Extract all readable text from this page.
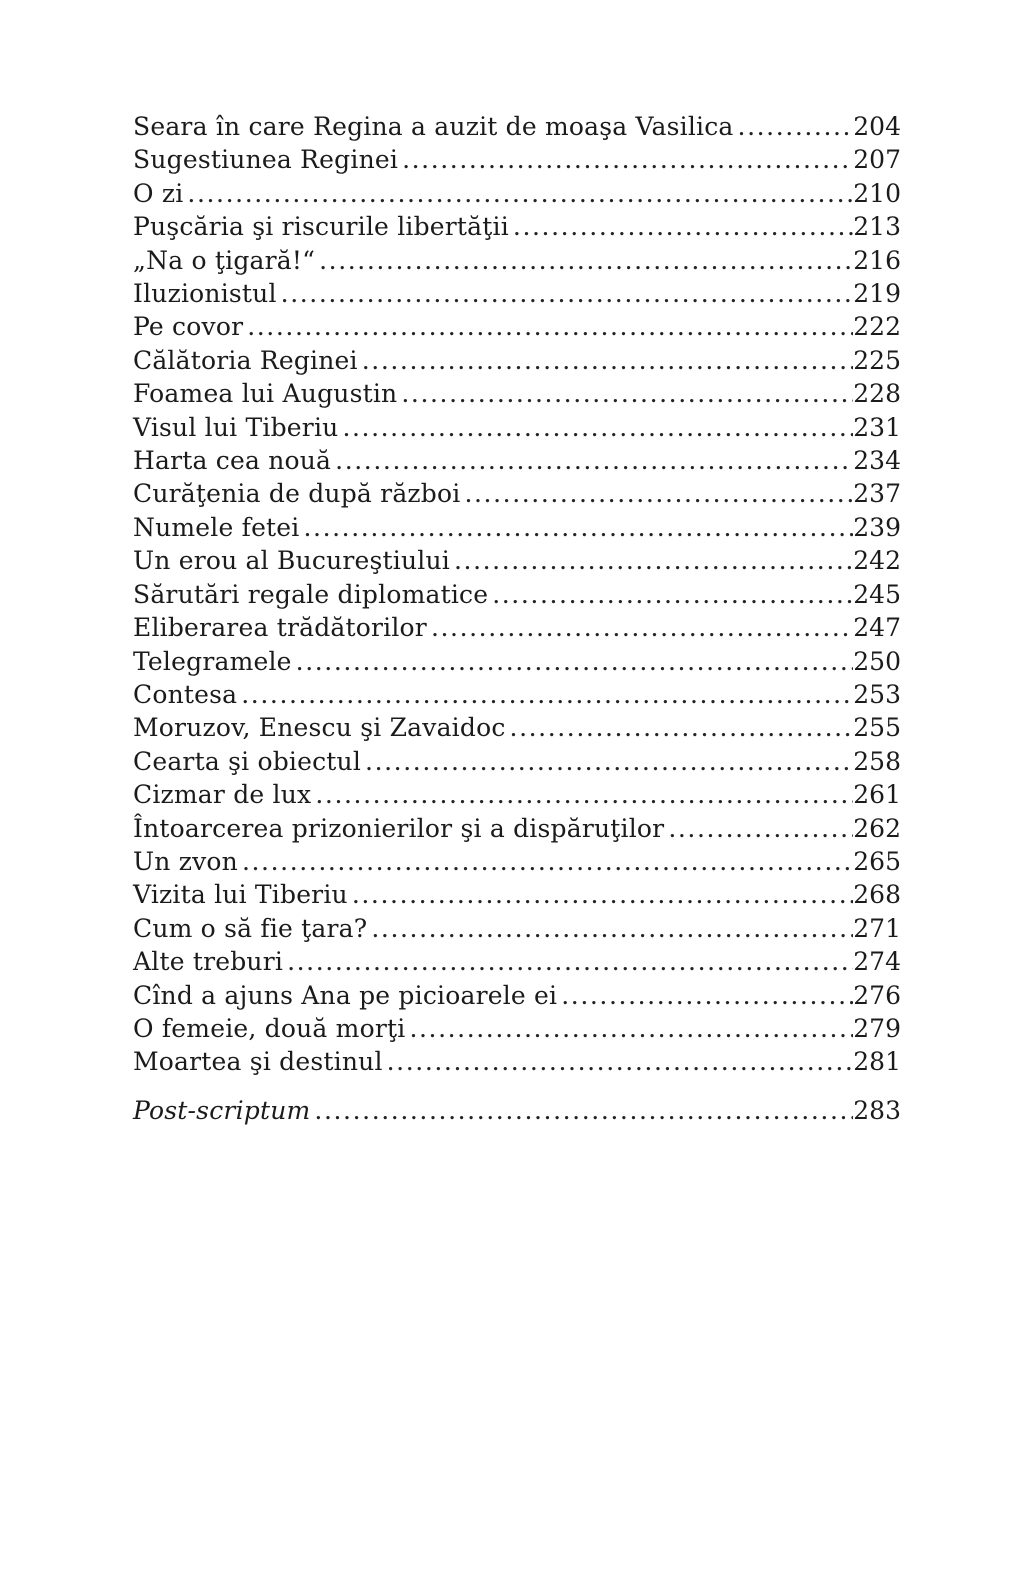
Seara în care Regina a auzit de moaşa Vasilica .....	204
Sugestiunea Reginei .....	207
O zi .....	210
Puşcăria şi riscurile libertăţii .....	213
„Na o ţigară!“ .....	216
Iluzionistul .....	219
Pe covor .....	222
Călătoria Reginei .....	225
Foamea lui Augustin .....	228
Visul lui Tiberiu .....	231
Harta cea nouă .....	234
Curăţenia de după război .....	237
Numele fetei .....	239
Un erou al Bucureştiului .....	242
Sărutări regale diplomatice .....	245
Eliberarea trădătorilor .....	247
Telegramele .....	250
Contesa .....	253
Moruzov, Enescu şi Zavaidoc .....	255
Cearta şi obiectul .....	258
Cizmar de lux .....	261
Întoarcerea prizonierilor şi a dispăruţilor .....	262
Un zvon .....	265
Vizita lui Tiberiu .....	268
Cum o să fie ţara? .....	271
Alte treburi .....	274
Cînd a ajuns Ana pe picioarele ei .....	276
O femeie, două morţi .....	279
Moartea şi destinul .....	281
Post-scriptum .....	283
